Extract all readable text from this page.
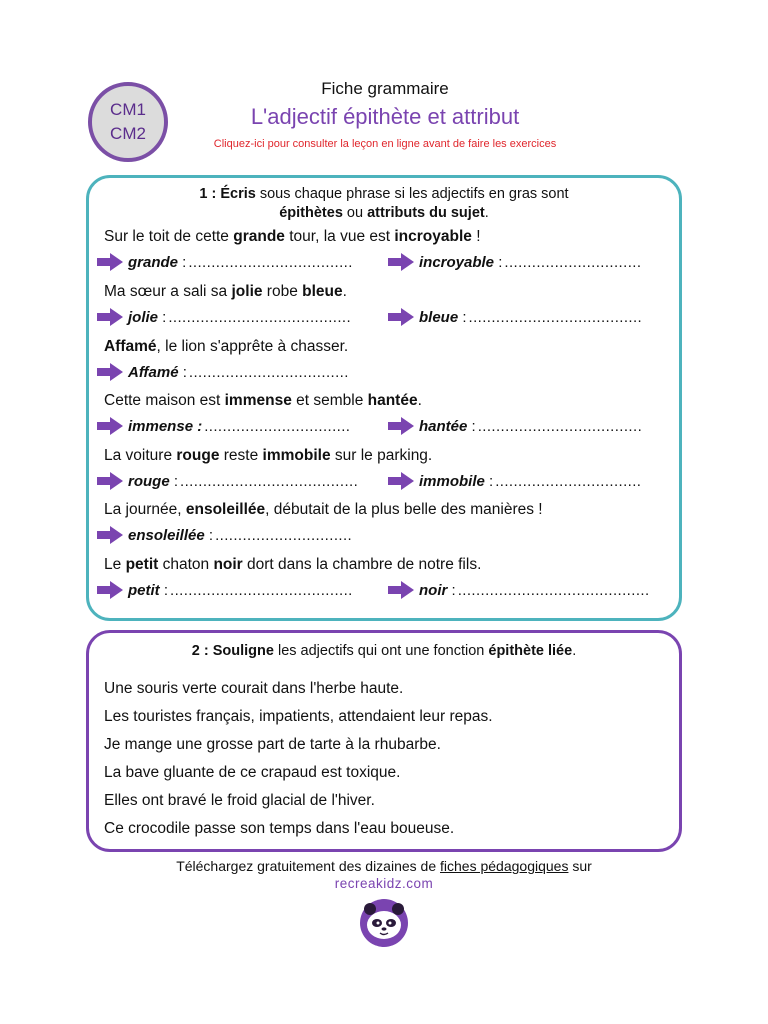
CM1
CM2
Fiche grammaire
L'adjectif épithète et attribut
Cliquez-ici pour consulter la leçon en ligne avant de faire les exercices
1 : Écris sous chaque phrase si les adjectifs en gras sont
épithètes ou attributs du sujet.
Sur le toit de cette grande tour, la vue est incroyable !
grande : ....................................	incroyable : ..............................
Ma sœur a sali sa jolie robe bleue.
jolie : ........................................	bleue : ......................................
Affamé, le lion s'apprête à chasser.
Affamé : ...................................
Cette maison est immense et semble hantée.
immense : ................................	hantée : ....................................
La voiture rouge reste immobile sur le parking.
rouge : .......................................	immobile : ................................
La journée, ensoleillée, débutait de la plus belle des manières !
ensoleillée : ..............................
Le petit chaton noir dort dans la chambre de notre fils.
petit : ........................................	noir : ..........................................
2 : Souligne les adjectifs qui ont une fonction épithète liée.
Une souris verte courait dans l'herbe haute.
Les touristes français, impatients, attendaient leur repas.
Je mange une grosse part de tarte à la rhubarbe.
La bave gluante de ce crapaud est toxique.
Elles ont bravé le froid glacial de l'hiver.
Ce crocodile passe son temps dans l'eau boueuse.
Téléchargez gratuitement des dizaines de fiches pédagogiques sur
recreakidz.com
